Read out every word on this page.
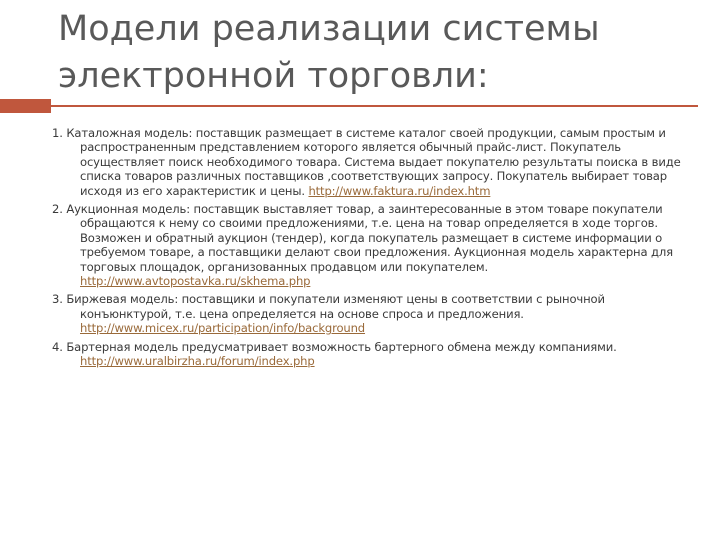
Модели реализации системы
электронной торговли:

1. Каталожная модель: поставщик размещает в системе каталог своей продукции, самым простым и распространенным представлением которого является обычный прайс-лист. Покупатель осуществляет поиск необходимого товара. Система выдает покупателю результаты поиска в виде списка товаров различных поставщиков ,соответствующих запросу. Покупатель выбирает товар исходя из его характеристик и цены. http://www.faktura.ru/index.htm

2. Аукционная модель: поставщик выставляет товар, а заинтересованные в этом товаре покупатели обращаются к нему со своими предложениями, т.е. цена на товар определяется в ходе торгов. Возможен и обратный аукцион (тендер), когда покупатель размещает в системе информации о требуемом товаре, а поставщики делают свои предложения. Аукционная модель характерна для торговых площадок, организованных продавцом или покупателем. http://www.avtopostavka.ru/skhema.php

3. Биржевая модель: поставщики и покупатели изменяют цены в соответствии с рыночной конъюнктурой, т.е. цена определяется на основе спроса и предложения. http://www.micex.ru/participation/info/background

4. Бартерная модель предусматривает возможность бартерного обмена между компаниями. http://www.uralbirzha.ru/forum/index.php
